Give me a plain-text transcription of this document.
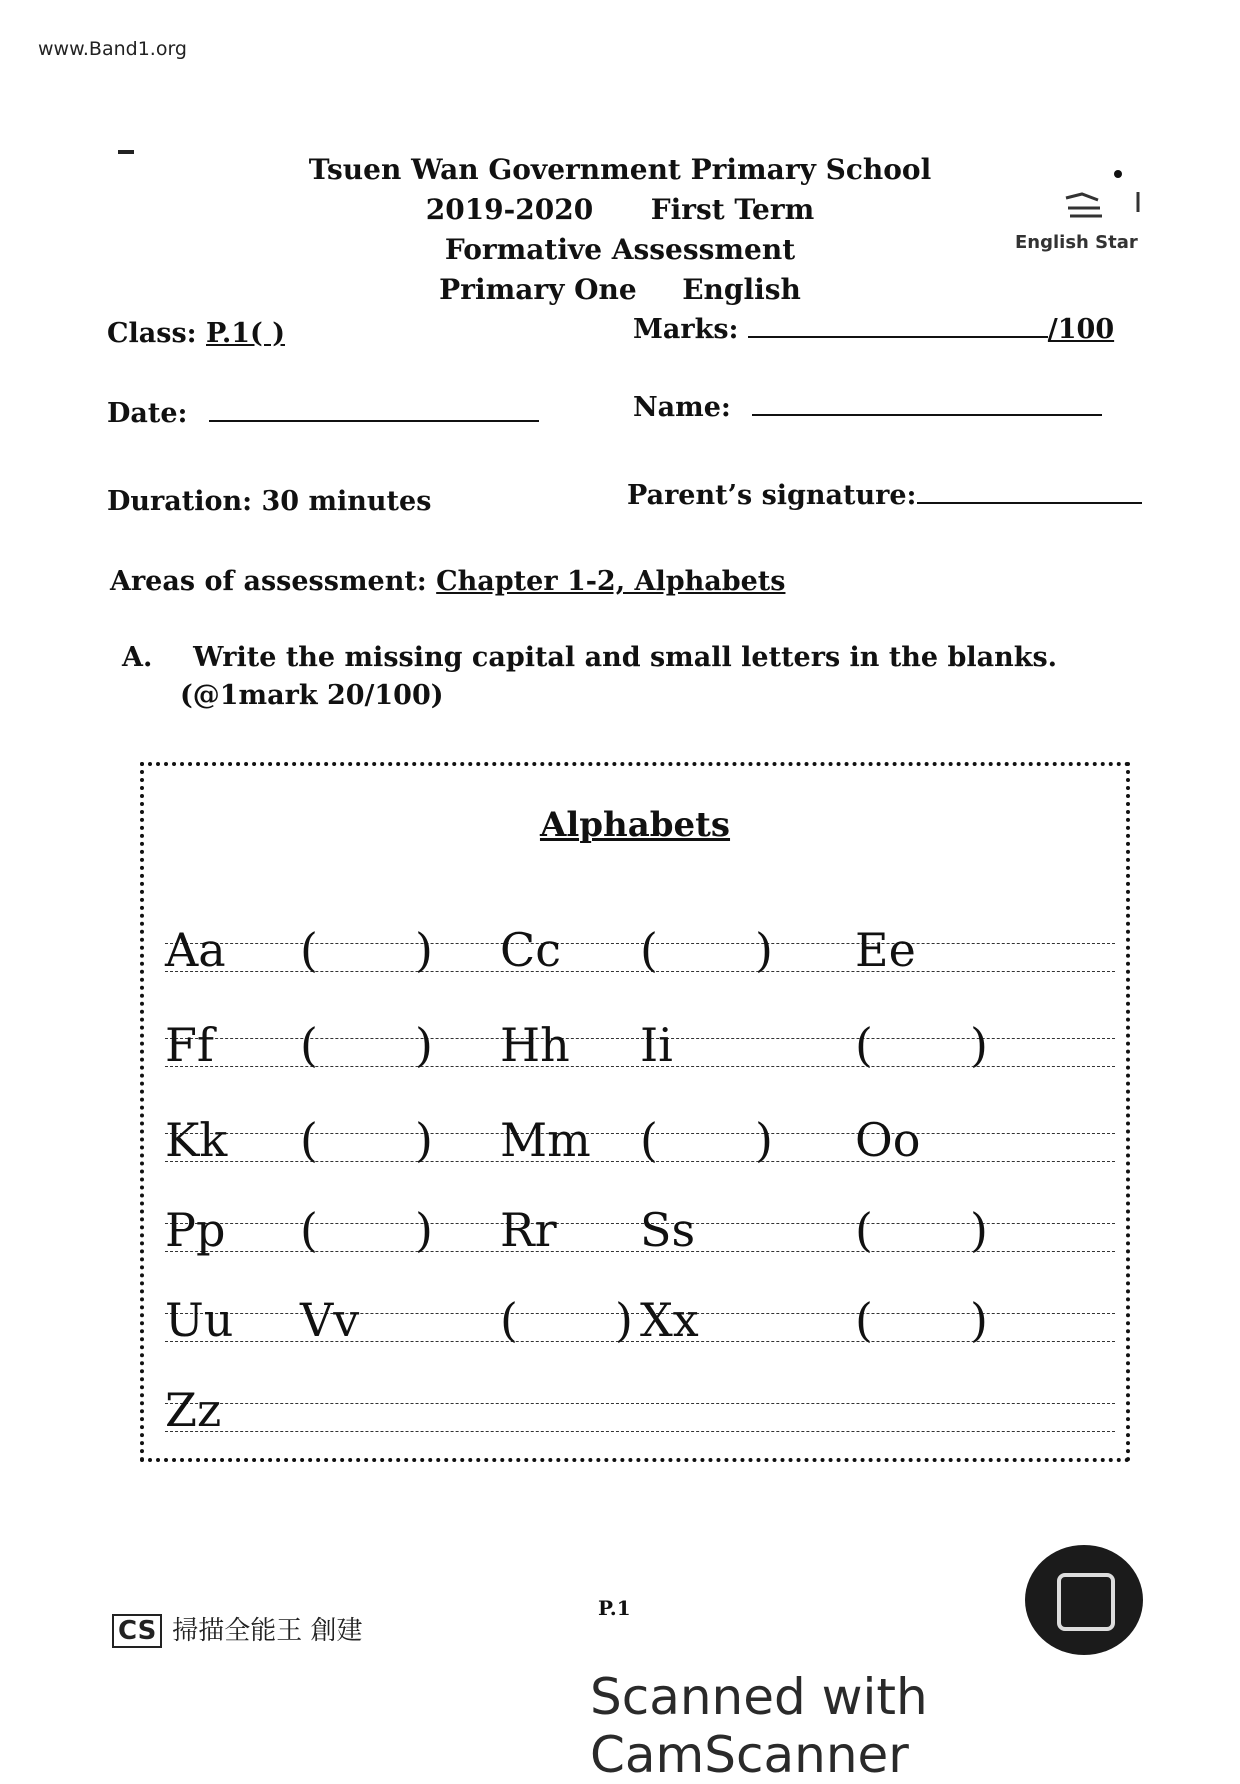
www.Band1.org
Tsuen Wan Government Primary School
2019-2020 First Term
Formative Assessment
Primary One English
English Star
Class: P.1( )	Marks:	/100
Date:	Name:
Duration: 30 minutes	Parent’s signature:
Areas of assessment: Chapter 1-2, Alphabets
A. Write the missing capital and small letters in the blanks.
(@1mark 20/100)
Alphabets
Aa ( ) Cc ( ) Ee
Ff ( ) Hh Ii	( )
Kk ( ) Mm ( ) Oo
Pp ( ) Rr Ss	( )
Uu Vv	( ) Xx	( )
Zz
P.1
CS 掃描全能王 創建
Scanned with CamScanner
